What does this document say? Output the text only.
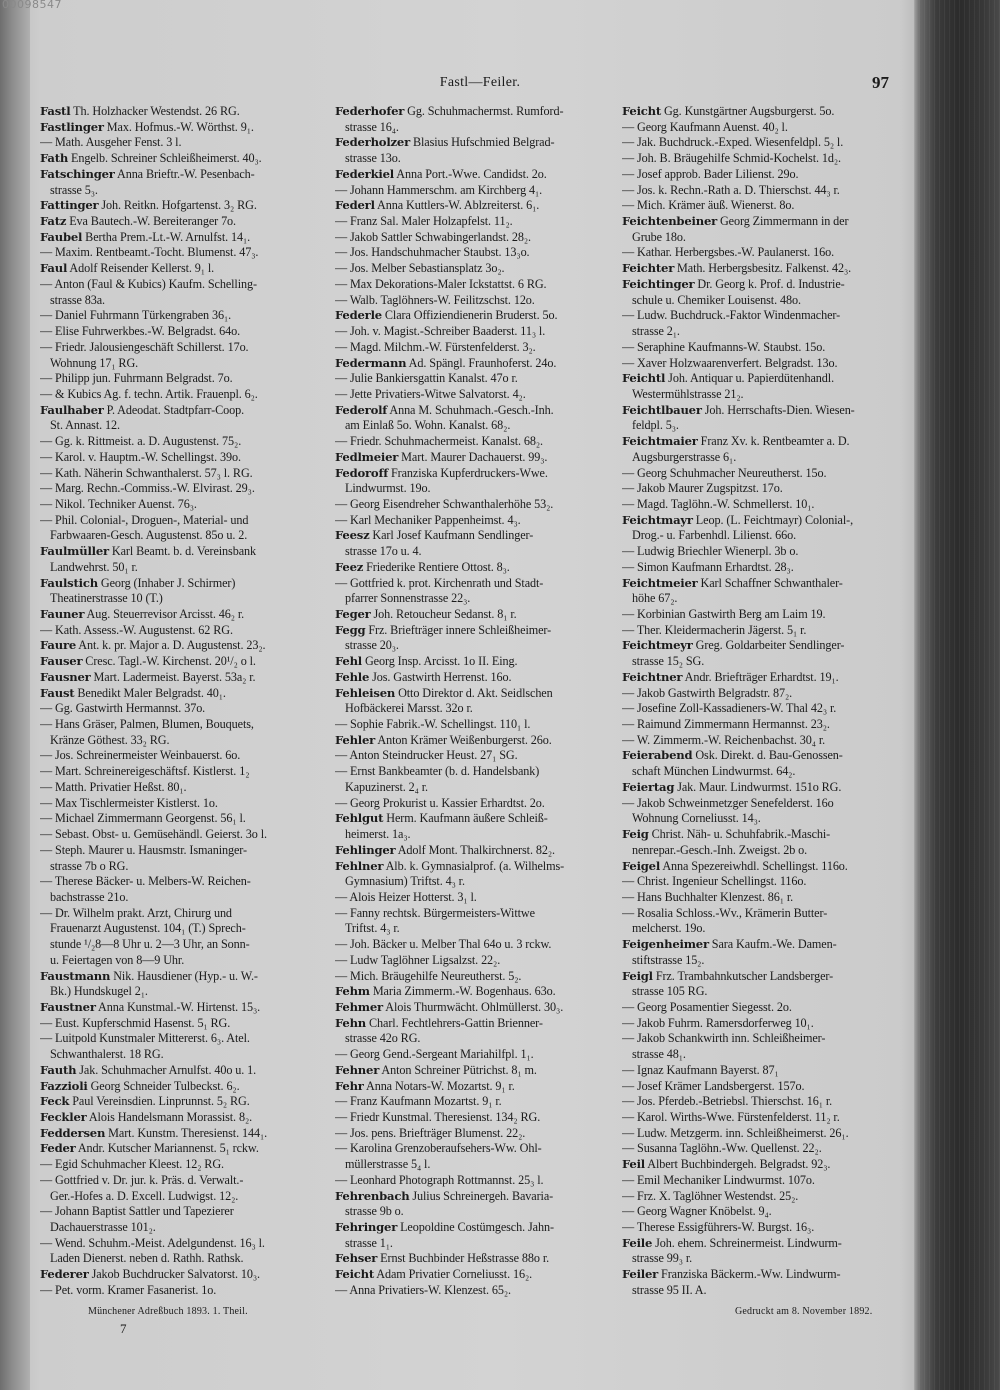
00098547
Fastl—Feiler.	97
Fastl Th. Holzhacker Westendst. 26 RG.
Fastlinger Max. Hofmus.-W. Wörthst. 9₁.
— Math. Ausgeher Fenst. 3 l.
Fath Engelb. Schreiner Schleißheimerst. 40₃.
Fatschinger Anna Brieftr.-W. Pesenbach-
strasse 5₃.
Fattinger Joh. Reitkn. Hofgartenst. 3₂ RG.
Fatz Eva Bautech.-W. Bereiteranger 7o.
Faubel Bertha Prem.-Lt.-W. Arnulfst. 14₁.
— Maxim. Rentbeamt.-Tocht. Blumenst. 47₃.
Faul Adolf Reisender Kellerst. 9₁ l.
— Anton (Faul & Kubics) Kaufm. Schelling-
strasse 83a.
— Daniel Fuhrmann Türkengraben 36₁.
— Elise Fuhrwerkbes.-W. Belgradst. 64o.
— Friedr. Jalousiengeschäft Schillerst. 17o.
Wohnung 17₁ RG.
— Philipp jun. Fuhrmann Belgradst. 7o.
— & Kubics Ag. f. techn. Artik. Frauenpl. 6₂.
Faulhaber P. Adeodat. Stadtpfarr-Coop.
St. Annast. 12.
— Gg. k. Rittmeist. a. D. Augustenst. 75₂.
— Karol. v. Hauptm.-W. Schellingst. 39o.
— Kath. Näherin Schwanthalerst. 57₃ l. RG.
— Marg. Rechn.-Commiss.-W. Elvirast. 29₃.
— Nikol. Techniker Auenst. 76₃.
— Phil. Colonial-, Droguen-, Material- und
Farbwaaren-Gesch. Augustenst. 85o u. 2.
Faulmüller Karl Beamt. b. d. Vereinsbank
Landwehrst. 50₁ r.
Faulstich Georg (Inhaber J. Schirmer)
Theatinerstrasse 10 (T.)
Fauner Aug. Steuerrevisor Arcisst. 46₂ r.
— Kath. Assess.-W. Augustenst. 62 RG.
Faure Ant. k. pr. Major a. D. Augustenst. 23₂.
Fauser Cresc. Tagl.-W. Kirchenst. 20¹/₂ o l.
Fausner Mart. Ladermeist. Bayerst. 53a₂ r.
Faust Benedikt Maler Belgradst. 40₁.
— Gg. Gastwirth Hermannst. 37o.
— Hans Gräser, Palmen, Blumen, Bouquets,
Kränze Göthest. 33₂ RG.
— Jos. Schreinermeister Weinbauerst. 6o.
— Mart. Schreinereigeschäftsf. Kistlerst. 1₂
— Matth. Privatier Heßst. 80₁.
— Max Tischlermeister Kistlerst. 1o.
— Michael Zimmermann Georgenst. 56₁ l.
— Sebast. Obst- u. Gemüsehändl. Geierst. 3o l.
— Steph. Maurer u. Hausmstr. Ismaninger-
strasse 7b o RG.
— Therese Bäcker- u. Melbers-W. Reichen-
bachstrasse 21o.
— Dr. Wilhelm prakt. Arzt, Chirurg und
Frauenarzt Augustenst. 104₁ (T.) Sprech-
stunde ¹/₂8—8 Uhr u. 2—3 Uhr, an Sonn-
u. Feiertagen von 8—9 Uhr.
Faustmann Nik. Hausdiener (Hyp.- u. W.-
Bk.) Hundskugel 2₁.
Faustner Anna Kunstmal.-W. Hirtenst. 15₃.
— Eust. Kupferschmid Hasenst. 5₁ RG.
— Luitpold Kunstmaler Mittererst. 6₃. Atel.
Schwanthalerst. 18 RG.
Fauth Jak. Schuhmacher Arnulfst. 40o u. 1.
Fazzioli Georg Schneider Tulbeckst. 6₂.
Feck Paul Vereinsdien. Linprunnst. 5₂ RG.
Feckler Alois Handelsmann Morassist. 8₂.
Feddersen Mart. Kunstm. Theresienst. 144₁.
Feder Andr. Kutscher Mariannenst. 5₁ rckw.
— Egid Schuhmacher Kleest. 12₂ RG.
— Gottfried v. Dr. jur. k. Präs. d. Verwalt.-
Ger.-Hofes a. D. Excell. Ludwigst. 12₂.
— Johann Baptist Sattler und Tapezierer
Dachauerstrasse 101₂.
— Wend. Schuhm.-Meist. Adelgundenst. 16₃ l.
Laden Dienerst. neben d. Rathh. Rathsk.
Federer Jakob Buchdrucker Salvatorst. 10₃.
— Pet. vorm. Kramer Fasanerist. 1o.
Federhofer Gg. Schuhmachermst. Rumford-
strasse 16₄.
Federholzer Blasius Hufschmied Belgrad-
strasse 13o.
Federkiel Anna Port.-Wwe. Candidst. 2o.
— Johann Hammerschm. am Kirchberg 4₁.
Federl Anna Kuttlers-W. Ablzreiterst. 6₁.
— Franz Sal. Maler Holzapfelst. 11₂.
— Jakob Sattler Schwabingerlandst. 28₂.
— Jos. Handschuhmacher Staubst. 13₃o.
— Jos. Melber Sebastiansplatz 3o₂.
— Max Dekorations-Maler Ickstattst. 6 RG.
— Walb. Taglöhners-W. Feilitzschst. 12o.
Federle Clara Offiziendienerin Bruderst. 5o.
— Joh. v. Magist.-Schreiber Baaderst. 11₃ l.
— Magd. Milchm.-W. Fürstenfelderst. 3₂.
Federmann Ad. Spängl. Fraunhoferst. 24o.
— Julie Bankiersgattin Kanalst. 47o r.
— Jette Privatiers-Witwe Salvatorst. 4₂.
Federolf Anna M. Schuhmach.-Gesch.-Inh.
am Einlaß 5o. Wohn. Kanalst. 68₂.
— Friedr. Schuhmachermeist. Kanalst. 68₂.
Fedlmeier Mart. Maurer Dachauerst. 99₃.
Fedoroff Franziska Kupferdruckers-Wwe.
Lindwurmst. 19o.
— Georg Eisendreher Schwanthalerhöhe 53₂.
— Karl Mechaniker Pappenheimst. 4₃.
Feesz Karl Josef Kaufmann Sendlinger-
strasse 17o u. 4.
Feez Friederike Rentiere Ottost. 8₃.
— Gottfried k. prot. Kirchenrath und Stadt-
pfarrer Sonnenstrasse 22₃.
Feger Joh. Retoucheur Sedanst. 8₁ r.
Fegg Frz. Briefträger innere Schleißheimer-
strasse 20₃.
Fehl Georg Insp. Arcisst. 1o II. Eing.
Fehle Jos. Gastwirth Herrenst. 16o.
Fehleisen Otto Direktor d. Akt. Seidlschen
Hofbäckerei Marsst. 32o r.
— Sophie Fabrik.-W. Schellingst. 110₁ l.
Fehler Anton Krämer Weißenburgerst. 26o.
— Anton Steindrucker Heust. 27₁ SG.
— Ernst Bankbeamter (b. d. Handelsbank)
Kapuzinerst. 2₄ r.
— Georg Prokurist u. Kassier Erhardtst. 2o.
Fehlgut Herm. Kaufmann äußere Schleiß-
heimerst. 1a₃.
Fehlinger Adolf Mont. Thalkirchnerst. 82₂.
Fehlner Alb. k. Gymnasialprof. (a. Wilhelms-
Gymnasium) Triftst. 4₃ r.
— Alois Heizer Hotterst. 3₁ l.
— Fanny rechtsk. Bürgermeisters-Wittwe
Triftst. 4₃ r.
— Joh. Bäcker u. Melber Thal 64o u. 3 rckw.
— Ludw Taglöhner Ligsalzst. 22₂.
— Mich. Bräugehilfe Neureutherst. 5₂.
Fehm Maria Zimmerm.-W. Bogenhaus. 63o.
Fehmer Alois Thurmwächt. Ohlmüllerst. 30₃.
Fehn Charl. Fechtlehrers-Gattin Brienner-
strasse 42o RG.
— Georg Gend.-Sergeant Mariahilfpl. 1₁.
Fehner Anton Schreiner Pütrichst. 8₁ m.
Fehr Anna Notars-W. Mozartst. 9₁ r.
— Franz Kaufmann Mozartst. 9₁ r.
— Friedr Kunstmal. Theresienst. 134₂ RG.
— Jos. pens. Briefträger Blumenst. 22₂.
— Karolina Grenzoberaufsehers-Ww. Ohl-
müllerstrasse 5₄ l.
— Leonhard Photograph Rottmannst. 25₃ l.
Fehrenbach Julius Schreinergeh. Bavaria-
strasse 9b o.
Fehringer Leopoldine Costümgesch. Jahn-
strasse 1₁.
Fehser Ernst Buchbinder Heßstrasse 88o r.
Feicht Adam Privatier Corneliusst. 16₂.
— Anna Privatiers-W. Klenzest. 65₂.
Feicht Gg. Kunstgärtner Augsburgerst. 5o.
— Georg Kaufmann Auenst. 40₂ l.
— Jak. Buchdruck.-Exped. Wiesenfeldpl. 5₂ l.
— Joh. B. Bräugehilfe Schmid-Kochelst. 1d₂.
— Josef approb. Bader Lilienst. 29o.
— Jos. k. Rechn.-Rath a. D. Thierschst. 44₃ r.
— Mich. Krämer äuß. Wienerst. 8o.
Feichtenbeiner Georg Zimmermann in der
Grube 18o.
— Kathar. Herbergsbes.-W. Paulanerst. 16o.
Feichter Math. Herbergsbesitz. Falkenst. 42₃.
Feichtinger Dr. Georg k. Prof. d. Industrie-
schule u. Chemiker Louisenst. 48o.
— Ludw. Buchdruck.-Faktor Windenmacher-
strasse 2₁.
— Seraphine Kaufmanns-W. Staubst. 15o.
— Xaver Holzwaarenverfert. Belgradst. 13o.
Feichtl Joh. Antiquar u. Papierdütenhandl.
Westermühlstrasse 21₂.
Feichtlbauer Joh. Herrschafts-Dien. Wiesen-
feldpl. 5₃.
Feichtmaier Franz Xv. k. Rentbeamter a. D.
Augsburgerstrasse 6₁.
— Georg Schuhmacher Neureutherst. 15o.
— Jakob Maurer Zugspitzst. 17o.
— Magd. Taglöhn.-W. Schmellerst. 10₁.
Feichtmayr Leop. (L. Feichtmayr) Colonial-,
Drog.- u. Farbenhdl. Lilienst. 66o.
— Ludwig Briechler Wienerpl. 3b o.
— Simon Kaufmann Erhardtst. 28₃.
Feichtmeier Karl Schaffner Schwanthaler-
höhe 67₂.
— Korbinian Gastwirth Berg am Laim 19.
— Ther. Kleidermacherin Jägerst. 5₁ r.
Feichtmeyr Greg. Goldarbeiter Sendlinger-
strasse 15₂ SG.
Feichtner Andr. Briefträger Erhardtst. 19₁.
— Jakob Gastwirth Belgradstr. 87₂.
— Josefine Zoll-Kassadieners-W. Thal 42₃ r.
— Raimund Zimmermann Hermannst. 23₂.
— W. Zimmerm.-W. Reichenbachst. 30₄ r.
Feierabend Osk. Direkt. d. Bau-Genossen-
schaft München Lindwurmst. 64₂.
Feiertag Jak. Maur. Lindwurmst. 151o RG.
— Jakob Schweinmetzger Senefelderst. 16o
Wohnung Corneliusst. 14₃.
Feig Christ. Näh- u. Schuhfabrik.-Maschi-
nenrepar.-Gesch.-Inh. Zweigst. 2b o.
Feigel Anna Spezereiwhdl. Schellingst. 116o.
— Christ. Ingenieur Schellingst. 116o.
— Hans Buchhalter Klenzest. 86₁ r.
— Rosalia Schloss.-Wv., Krämerin Butter-
melcherst. 19o.
Feigenheimer Sara Kaufm.-We. Damen-
stiftstrasse 15₂.
Feigl Frz. Trambahnkutscher Landsberger-
strasse 105 RG.
— Georg Posamentier Siegesst. 2o.
— Jakob Fuhrm. Ramersdorferweg 10₁.
— Jakob Schankwirth inn. Schleißheimer-
strasse 48₁.
— Ignaz Kaufmann Bayerst. 87₁
— Josef Krämer Landsbergerst. 157o.
— Jos. Pferdeb.-Betriebsl. Thierschst. 16₁ r.
— Karol. Wirths-Wwe. Fürstenfelderst. 11₂ r.
— Ludw. Metzgerm. inn. Schleißheimerst. 26₁.
— Susanna Taglöhn.-Ww. Quellenst. 22₂.
Feil Albert Buchbindergeh. Belgradst. 92₃.
— Emil Mechaniker Lindwurmst. 107o.
— Frz. X. Taglöhner Westendst. 25₂.
— Georg Wagner Knöbelst. 9₄.
— Therese Essigführers-W. Burgst. 16₃.
Feile Joh. ehem. Schreinermeist. Lindwurm-
strasse 99₃ r.
Feiler Franziska Bäckerm.-Ww. Lindwurm-
strasse 95 II. A.
Münchener Adreßbuch 1893. 1. Theil.	Gedruckt am 8. November 1892.
7
